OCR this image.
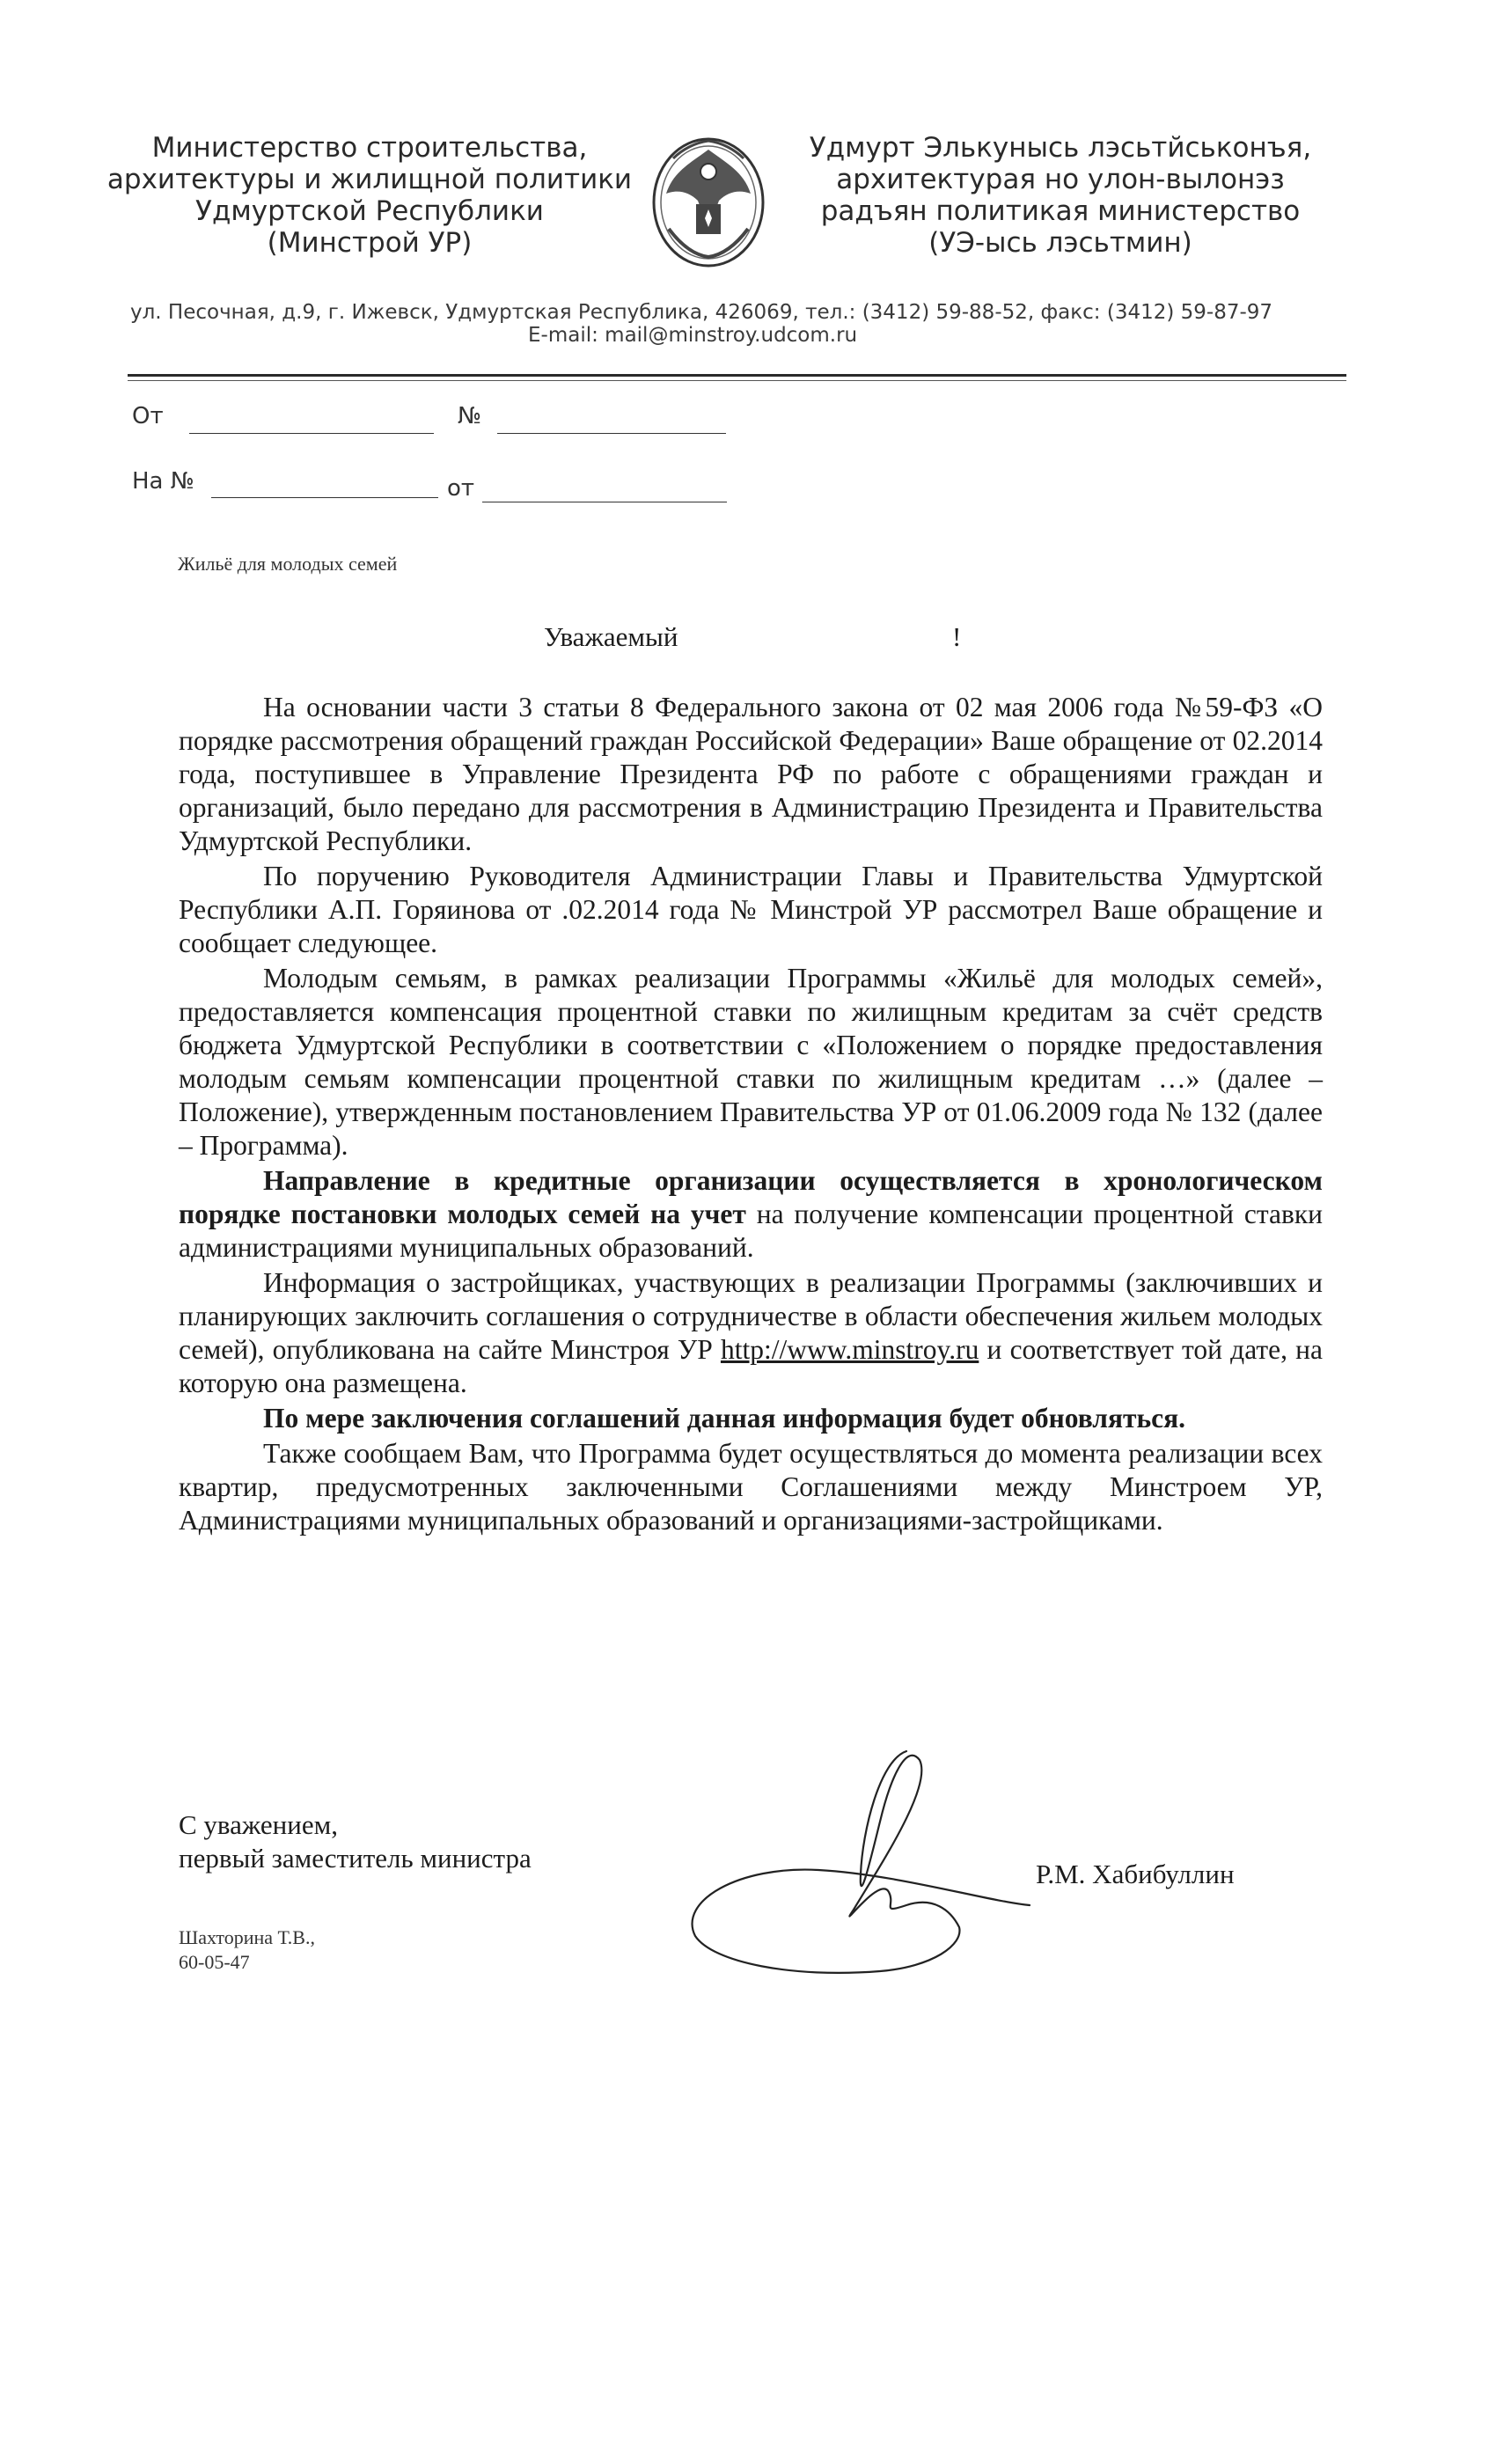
Министерство строительства,
архитектуры и жилищной политики
Удмуртской Республики
(Минстрой УР)
Удмурт Элькунысь лэсьтйськонъя,
архитектурая но улон-вылонэз
радъян политикая министерство
(УЭ-ысь лэсьтмин)
ул. Песочная, д.9, г. Ижевск, Удмуртская Республика, 426069, тел.: (3412) 59-88-52, факс: (3412) 59-87-97
E-mail: mail@minstroy.udcom.ru
От	№
На №	от
Жильё для молодых семей
Уважаемый	!

На основании части 3 статьи 8 Федерального закона от 02 мая 2006 года №59-ФЗ «О порядке рассмотрения обращений граждан Российской Федерации» Ваше обращение от 02.2014 года, поступившее в Управление Президента РФ по работе с обращениями граждан и организаций, было передано для рассмотрения в Администрацию Президента и Правительства Удмуртской Республики.

По поручению Руководителя Администрации Главы и Правительства Удмуртской Республики А.П. Горяинова от .02.2014 года № Минстрой УР рассмотрел Ваше обращение и сообщает следующее.

Молодым семьям, в рамках реализации Программы «Жильё для молодых семей», предоставляется компенсация процентной ставки по жилищным кредитам за счёт средств бюджета Удмуртской Республики в соответствии с «Положением о порядке предоставления молодым семьям компенсации процентной ставки по жилищным кредитам …» (далее – Положение), утвержденным постановлением Правительства УР от 01.06.2009 года № 132 (далее – Программа).

Направление в кредитные организации осуществляется в хронологическом порядке постановки молодых семей на учет на получение компенсации процентной ставки администрациями муниципальных образований.

Информация о застройщиках, участвующих в реализации Программы (заключивших и планирующих заключить соглашения о сотрудничестве в области обеспечения жильем молодых семей), опубликована на сайте Минстроя УР http://www.minstroy.ru и соответствует той дате, на которую она размещена.

По мере заключения соглашений данная информация будет обновляться.

Также сообщаем Вам, что Программа будет осуществляться до момента реализации всех квартир, предусмотренных заключенными Соглашениями между Минстроем УР, Администрациями муниципальных образований и организациями-застройщиками.

С уважением,
первый заместитель министра
Р.М. Хабибуллин
Шахторина Т.В.,
60-05-47
